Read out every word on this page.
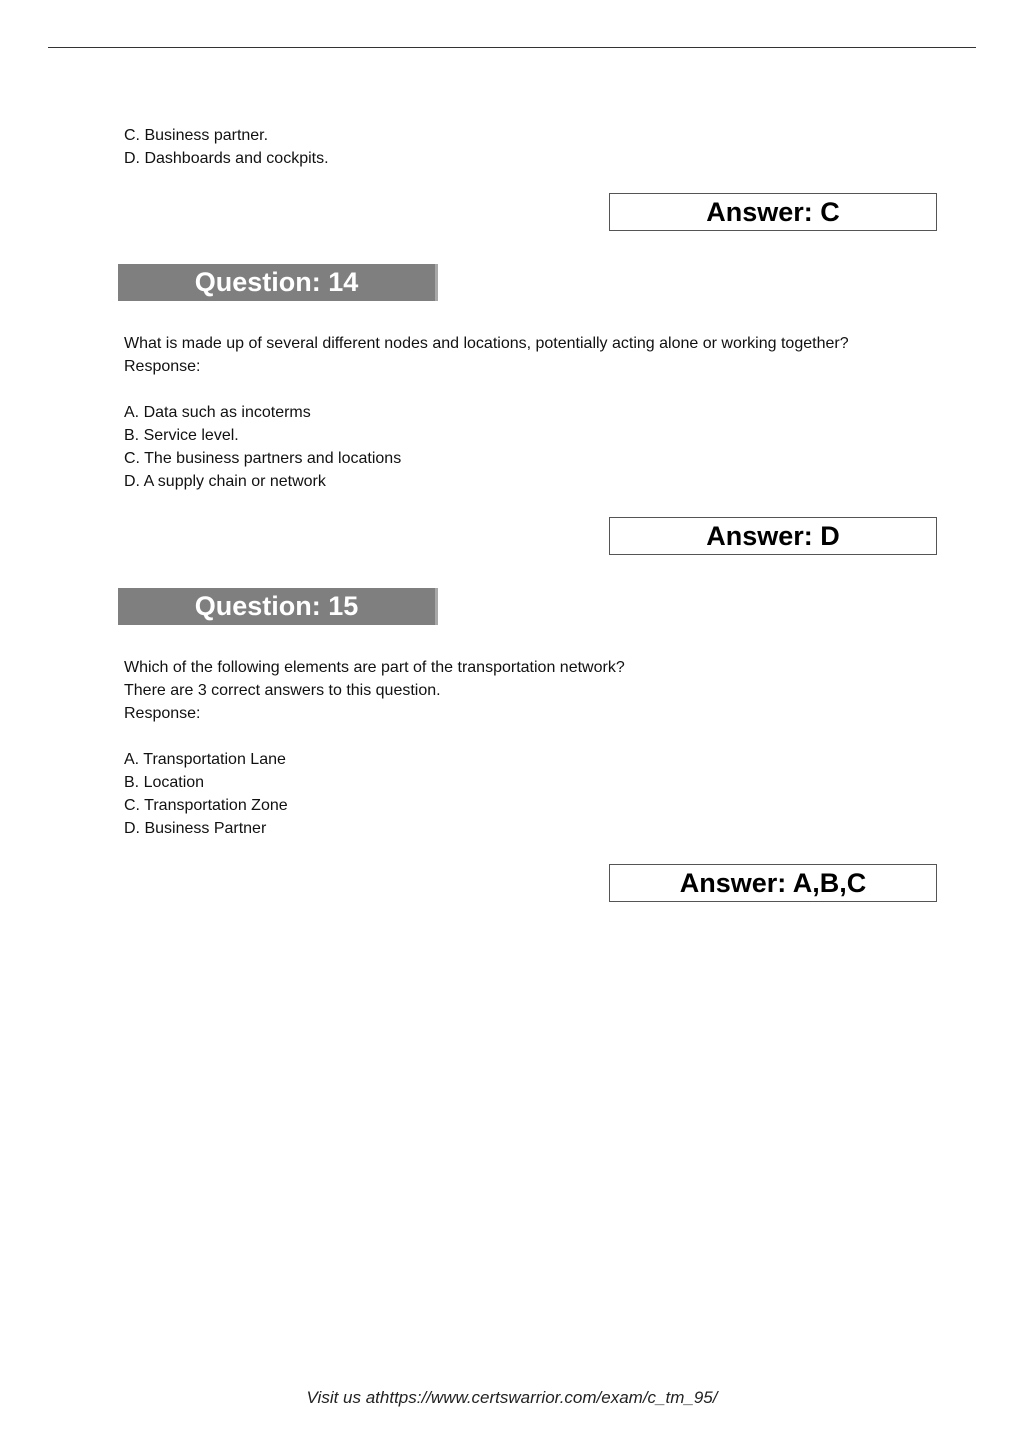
C. Business partner.
D. Dashboards and cockpits.
Answer: C
Question: 14
What is made up of several different nodes and locations, potentially acting alone or working together?
Response:
A. Data such as incoterms
B. Service level.
C. The business partners and locations
D. A supply chain or network
Answer: D
Question: 15
Which of the following elements are part of the transportation network?
There are 3 correct answers to this question.
Response:
A. Transportation Lane
B. Location
C. Transportation Zone
D. Business Partner
Answer: A,B,C
Visit us athttps://www.certswarrior.com/exam/c_tm_95/
